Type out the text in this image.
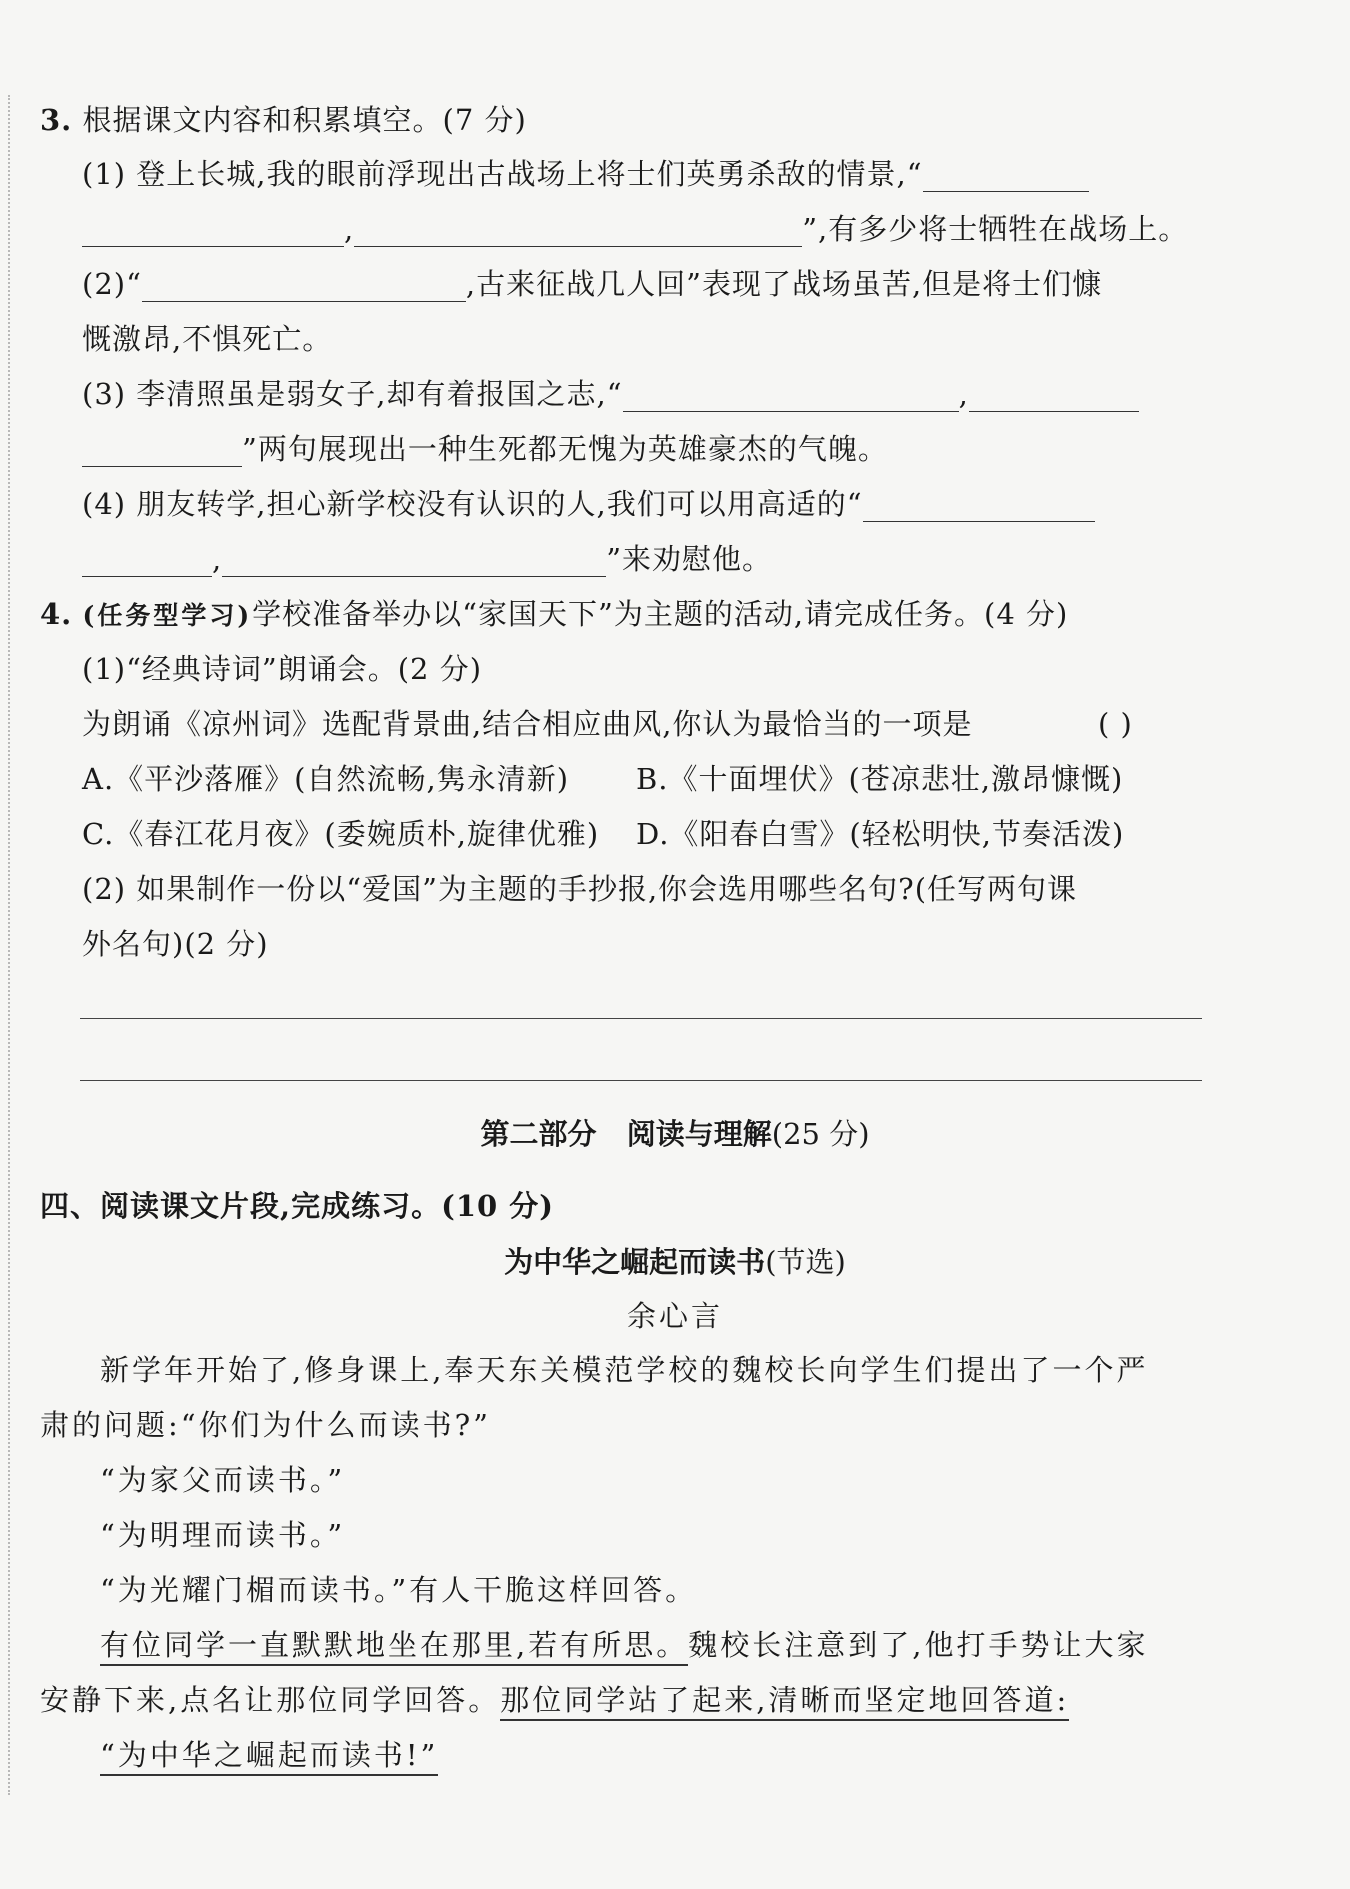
3. 根据课文内容和积累填空。(7 分)
(1) 登上长城,我的眼前浮现出古战场上将士们英勇杀敌的情景,“
,	”,有多少将士牺牲在战场上。
(2)“	,古来征战几人回”表现了战场虽苦,但是将士们慷
慨激昂,不惧死亡。
(3) 李清照虽是弱女子,却有着报国之志,“	,
”两句展现出一种生死都无愧为英雄豪杰的气魄。
(4) 朋友转学,担心新学校没有认识的人,我们可以用高适的“
,	”来劝慰他。
4. (任务型学习)学校准备举办以“家国天下”为主题的活动,请完成任务。(4 分)
(1)“经典诗词”朗诵会。(2 分)
为朗诵《凉州词》选配背景曲,结合相应曲风,你认为最恰当的一项是	( )
A.《平沙落雁》(自然流畅,隽永清新) B.《十面埋伏》(苍凉悲壮,激昂慷慨)
C.《春江花月夜》(委婉质朴,旋律优雅) D.《阳春白雪》(轻松明快,节奏活泼)
(2) 如果制作一份以“爱国”为主题的手抄报,你会选用哪些名句?(任写两句课
外名句)(2 分)
第二部分 阅读与理解(25 分)
四、阅读课文片段,完成练习。(10 分)
为中华之崛起而读书(节选)
余心言
新学年开始了,修身课上,奉天东关模范学校的魏校长向学生们提出了一个严
肃的问题:“你们为什么而读书?”
“为家父而读书。”
“为明理而读书。”
“为光耀门楣而读书。”有人干脆这样回答。
有位同学一直默默地坐在那里,若有所思。魏校长注意到了,他打手势让大家
安静下来,点名让那位同学回答。那位同学站了起来,清晰而坚定地回答道:
“为中华之崛起而读书!”
